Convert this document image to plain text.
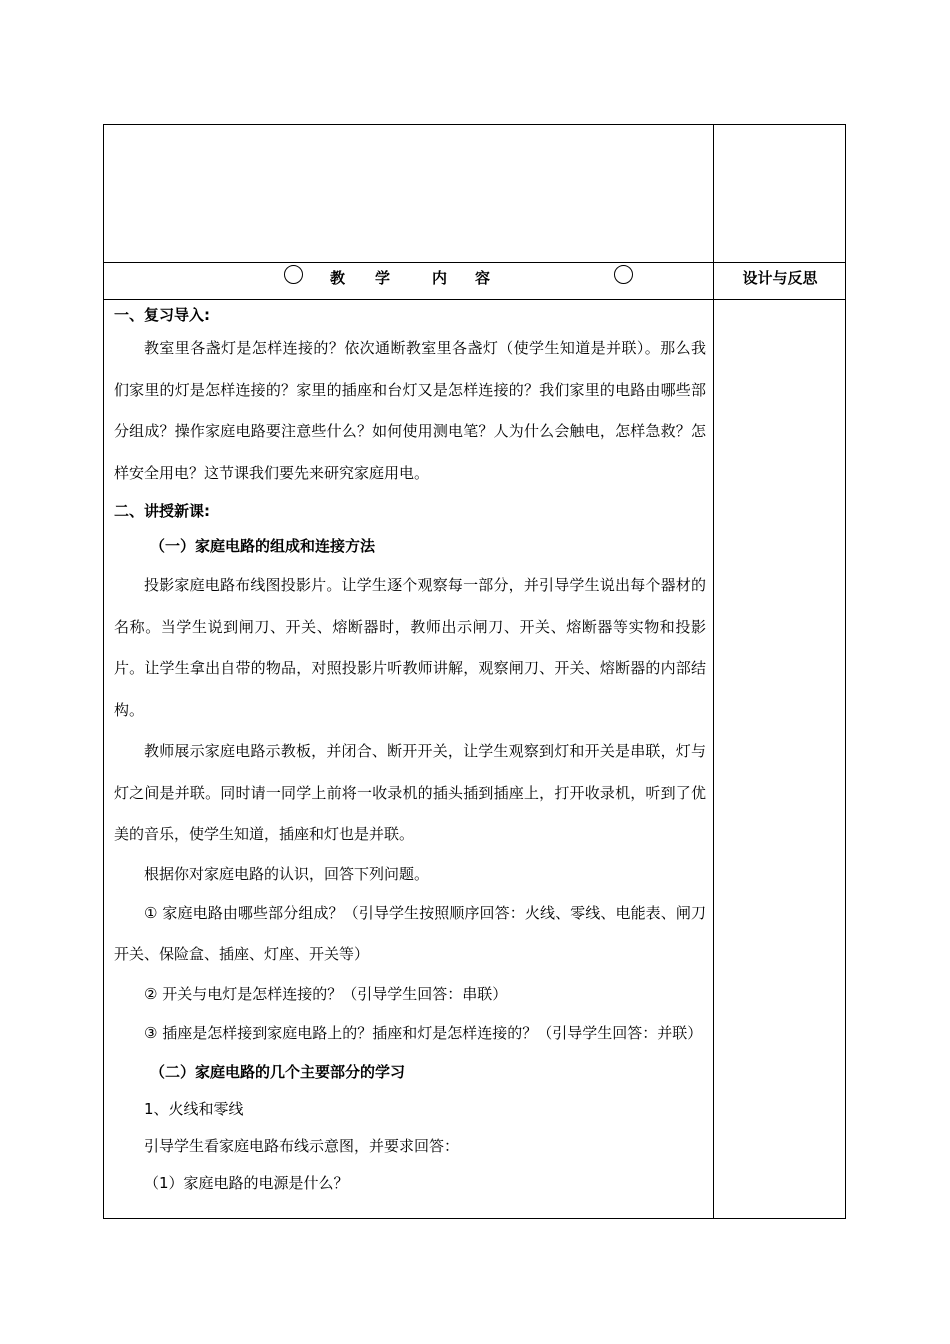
教 学	内 容	设计与反思

一、复习导入:

教室里各盏灯是怎样连接的？依次通断教室里各盏灯（使学生知道是并联）。那么我们家里的灯是怎样连接的？家里的插座和台灯又是怎样连接的？我们家里的电路由哪些部分组成？操作家庭电路要注意些什么？如何使用测电笔？人为什么会触电，怎样急救？怎样安全用电？这节课我们要先来研究家庭用电。

二、讲授新课:

（一）家庭电路的组成和连接方法

投影家庭电路布线图投影片。让学生逐个观察每一部分，并引导学生说出每个器材的名称。当学生说到闸刀、开关、熔断器时，教师出示闸刀、开关、熔断器等实物和投影片。让学生拿出自带的物品，对照投影片听教师讲解，观察闸刀、开关、熔断器的内部结构。

教师展示家庭电路示教板，并闭合、断开开关，让学生观察到灯和开关是串联，灯与灯之间是并联。同时请一同学上前将一收录机的插头插到插座上，打开收录机，听到了优美的音乐，使学生知道，插座和灯也是并联。

根据你对家庭电路的认识，回答下列问题。

① 家庭电路由哪些部分组成？（引导学生按照顺序回答：火线、零线、电能表、闸刀开关、保险盒、插座、灯座、开关等）

② 开关与电灯是怎样连接的？（引导学生回答：串联）

③ 插座是怎样接到家庭电路上的？插座和灯是怎样连接的？（引导学生回答：并联）

（二）家庭电路的几个主要部分的学习

1、火线和零线

引导学生看家庭电路布线示意图，并要求回答：

（1）家庭电路的电源是什么？
